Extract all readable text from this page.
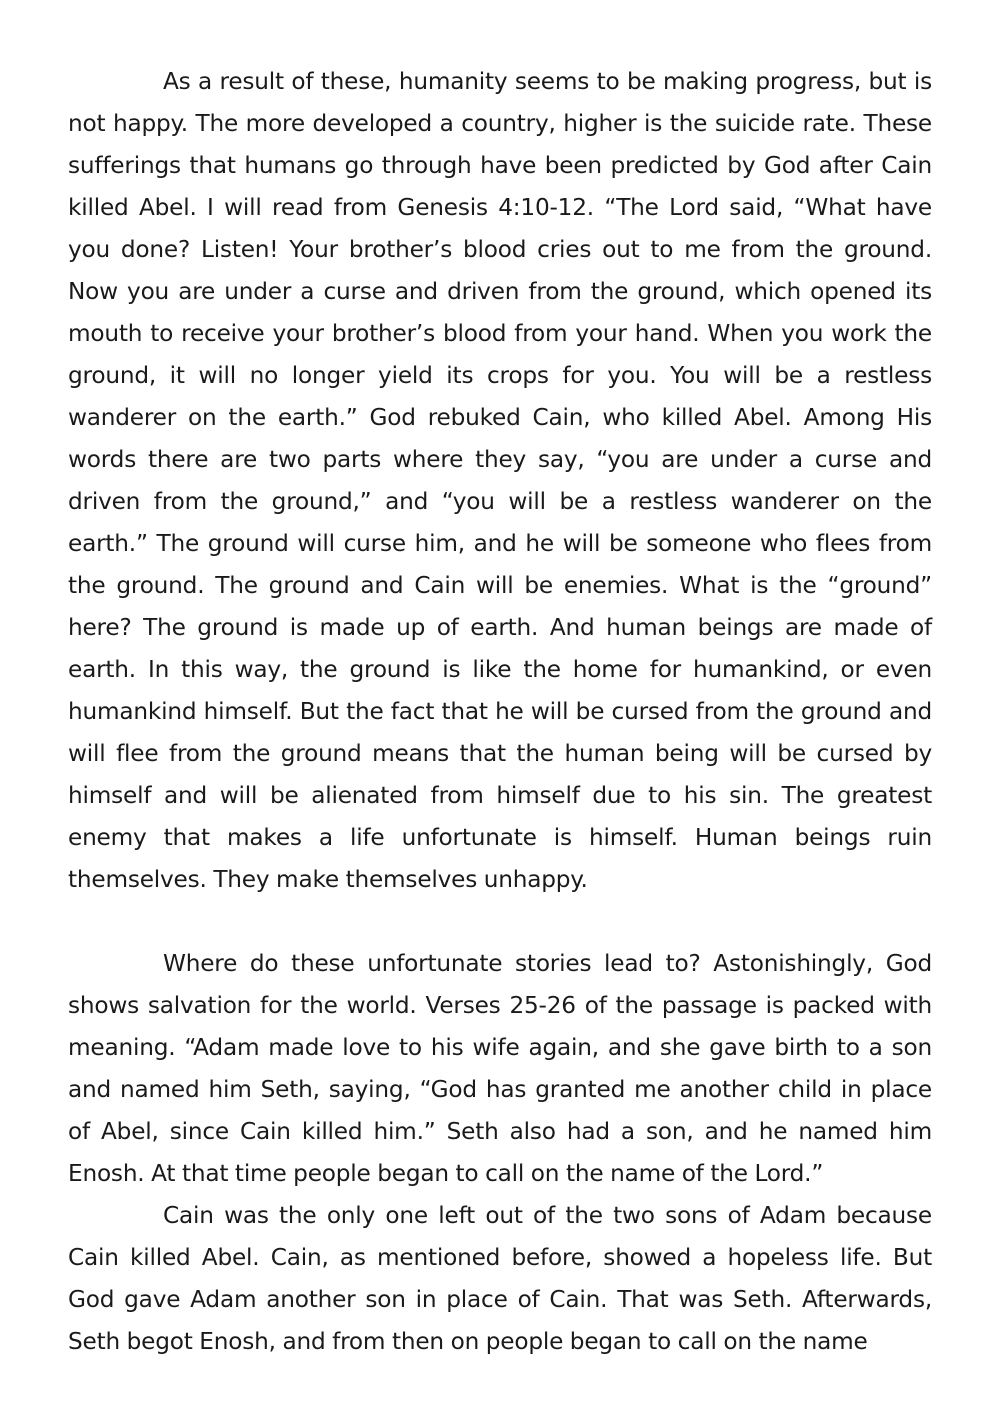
As a result of these, humanity seems to be making progress, but is not happy. The more developed a country, higher is the suicide rate. These sufferings that humans go through have been predicted by God after Cain killed Abel. I will read from Genesis 4:10-12. “The Lord said, “What have you done? Listen! Your brother’s blood cries out to me from the ground. Now you are under a curse and driven from the ground, which opened its mouth to receive your brother’s blood from your hand. When you work the ground, it will no longer yield its crops for you. You will be a restless wanderer on the earth.” God rebuked Cain, who killed Abel. Among His words there are two parts where they say, “you are under a curse and driven from the ground,” and “you will be a restless wanderer on the earth.” The ground will curse him, and he will be someone who flees from the ground. The ground and Cain will be enemies. What is the “ground” here? The ground is made up of earth. And human beings are made of earth. In this way, the ground is like the home for humankind, or even humankind himself. But the fact that he will be cursed from the ground and will flee from the ground means that the human being will be cursed by himself and will be alienated from himself due to his sin. The greatest enemy that makes a life unfortunate is himself. Human beings ruin themselves. They make themselves unhappy.

Where do these unfortunate stories lead to? Astonishingly, God shows salvation for the world. Verses 25-26 of the passage is packed with meaning. “Adam made love to his wife again, and she gave birth to a son and named him Seth, saying, “God has granted me another child in place of Abel, since Cain killed him.” Seth also had a son, and he named him Enosh. At that time people began to call on the name of the Lord.”

Cain was the only one left out of the two sons of Adam because Cain killed Abel. Cain, as mentioned before, showed a hopeless life. But God gave Adam another son in place of Cain. That was Seth. Afterwards, Seth begot Enosh, and from then on people began to call on the name
